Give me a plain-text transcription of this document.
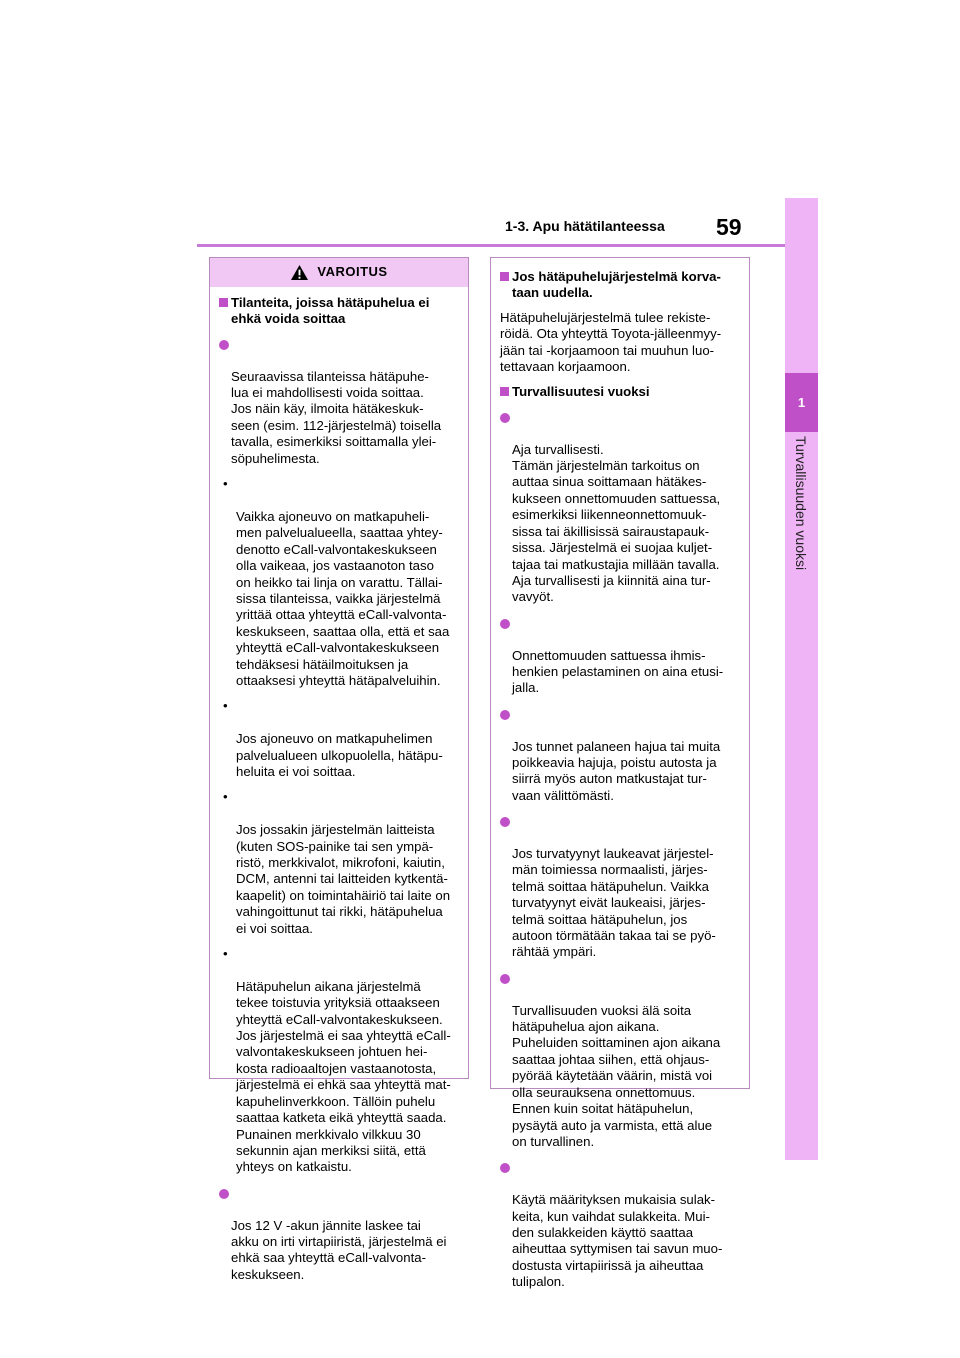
1-3. Apu hätätilanteessa 59
1
Turvallisuuden vuoksi
VAROITUS
Tilanteita, joissa hätäpuhelua ei
ehkä voida soittaa

Seuraavissa tilanteissa hätäpuhe-
lua ei mahdollisesti voida soittaa.
Jos näin käy, ilmoita hätäkeskuk-
seen (esim. 112-järjestelmä) toisella
tavalla, esimerkiksi soittamalla ylei-
söpuhelimesta.

•

Vaikka ajoneuvo on matkapuheli-
men palvelualueella, saattaa yhtey-
denotto eCall-valvontakeskukseen
olla vaikeaa, jos vastaanoton taso
on heikko tai linja on varattu. Tällai-
sissa tilanteissa, vaikka järjestelmä
yrittää ottaa yhteyttä eCall-valvonta-
keskukseen, saattaa olla, että et saa
yhteyttä eCall-valvontakeskukseen
tehdäksesi hätäilmoituksen ja
ottaaksesi yhteyttä hätäpalveluihin.

•

Jos ajoneuvo on matkapuhelimen
palvelualueen ulkopuolella, hätäpu-
heluita ei voi soittaa.

•

Jos jossakin järjestelmän laitteista
(kuten SOS-painike tai sen ympä-
ristö, merkkivalot, mikrofoni, kaiutin,
DCM, antenni tai laitteiden kytkentä-
kaapelit) on toimintahäiriö tai laite on
vahingoittunut tai rikki, hätäpuhelua
ei voi soittaa.

•

Hätäpuhelun aikana järjestelmä
tekee toistuvia yrityksiä ottaakseen
yhteyttä eCall-valvontakeskukseen.
Jos järjestelmä ei saa yhteyttä eCall-
valvontakeskukseen johtuen hei-
kosta radioaaltojen vastaanotosta,
järjestelmä ei ehkä saa yhteyttä mat-
kapuhelinverkkoon. Tällöin puhelu
saattaa katketa eikä yhteyttä saada.
Punainen merkkivalo vilkkuu 30
sekunnin ajan merkiksi siitä, että
yhteys on katkaistu.

Jos 12 V -akun jännite laskee tai
akku on irti virtapiiristä, järjestelmä ei
ehkä saa yhteyttä eCall-valvonta-
keskukseen.

Jos hätäpuhelujärjestelmä korva-
taan uudella.
Hätäpuhelujärjestelmä tulee rekiste-
röidä. Ota yhteyttä Toyota-jälleenmyy-
jään tai -korjaamoon tai muuhun luo-
tettavaan korjaamoon.
Turvallisuutesi vuoksi

Aja turvallisesti.
Tämän järjestelmän tarkoitus on
auttaa sinua soittamaan hätäkes-
kukseen onnettomuuden sattuessa,
esimerkiksi liikenneonnettomuuk-
sissa tai äkillisissä sairaustapauk-
sissa. Järjestelmä ei suojaa kuljet-
tajaa tai matkustajia millään tavalla.
Aja turvallisesti ja kiinnitä aina tur-
vavyöt.

Onnettomuuden sattuessa ihmis-
henkien pelastaminen on aina etusi-
jalla.

Jos tunnet palaneen hajua tai muita
poikkeavia hajuja, poistu autosta ja
siirrä myös auton matkustajat tur-
vaan välittömästi.

Jos turvatyynyt laukeavat järjestel-
män toimiessa normaalisti, järjes-
telmä soittaa hätäpuhelun. Vaikka
turvatyynyt eivät laukeaisi, järjes-
telmä soittaa hätäpuhelun, jos
autoon törmätään takaa tai se pyö-
rähtää ympäri.

Turvallisuuden vuoksi älä soita
hätäpuhelua ajon aikana.
Puheluiden soittaminen ajon aikana
saattaa johtaa siihen, että ohjaus-
pyörää käytetään väärin, mistä voi
olla seurauksena onnettomuus.
Ennen kuin soitat hätäpuhelun,
pysäytä auto ja varmista, että alue
on turvallinen.

Käytä määrityksen mukaisia sulak-
keita, kun vaihdat sulakkeita. Mui-
den sulakkeiden käyttö saattaa
aiheuttaa syttymisen tai savun muo-
dostusta virtapiirissä ja aiheuttaa
tulipalon.
